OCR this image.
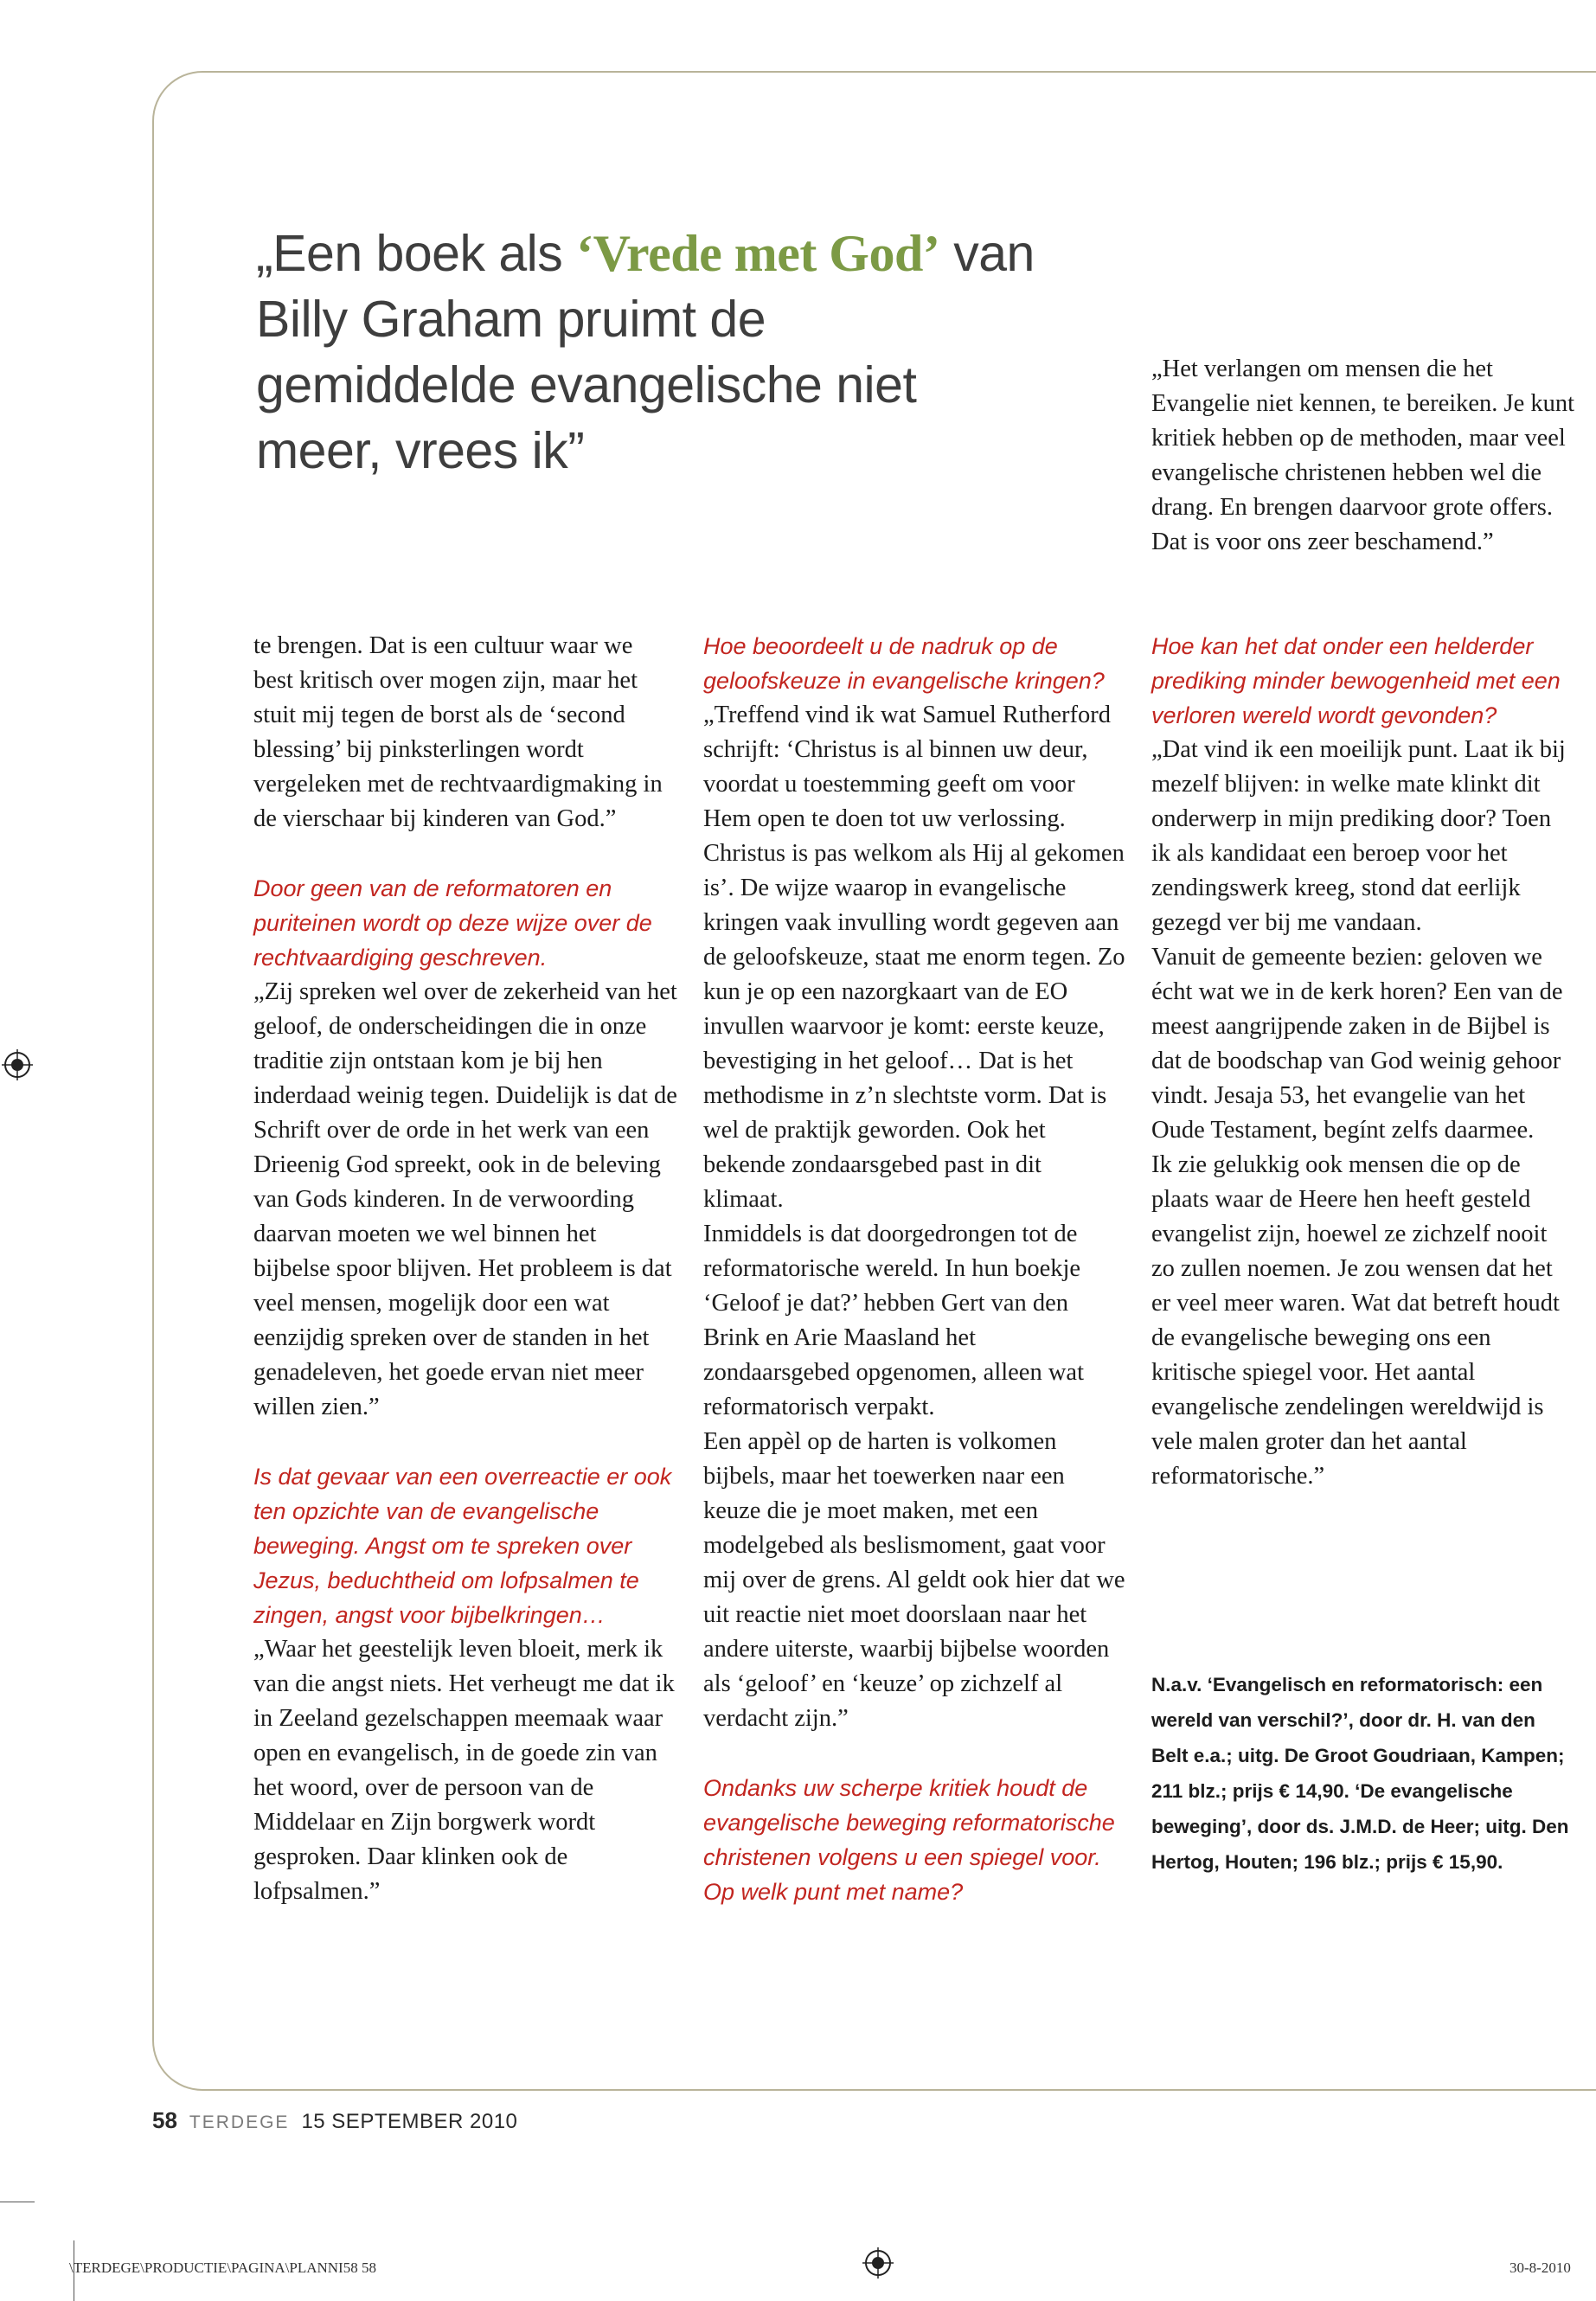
„Een boek als ‘Vrede met God’ van Billy Graham pruimt de gemiddelde evangelische niet meer, vrees ik”
„Het verlangen om mensen die het Evangelie niet kennen, te bereiken. Je kunt kritiek hebben op de methoden, maar veel evangelische christenen hebben wel die drang. En brengen daarvoor grote offers. Dat is voor ons zeer beschamend.”

te brengen. Dat is een cultuur waar we best kritisch over mogen zijn, maar het stuit mij tegen de borst als de ‘second blessing’ bij pinksterlingen wordt vergeleken met de rechtvaardigmaking in de vierschaar bij kinderen van God.”

Door geen van de reformatoren en puriteinen wordt op deze wijze over de rechtvaardiging geschreven.

„Zij spreken wel over de zekerheid van het geloof, de onderscheidingen die in onze traditie zijn ontstaan kom je bij hen inderdaad weinig tegen. Duidelijk is dat de Schrift over de orde in het werk van een Drieenig God spreekt, ook in de beleving van Gods kinderen. In de verwoording daarvan moeten we wel binnen het bijbelse spoor blijven. Het probleem is dat veel mensen, mogelijk door een wat eenzijdig spreken over de standen in het genadeleven, het goede ervan niet meer willen zien.”

Is dat gevaar van een overreactie er ook ten opzichte van de evangelische beweging. Angst om te spreken over Jezus, beduchtheid om lofpsalmen te zingen, angst voor bijbelkringen…

„Waar het geestelijk leven bloeit, merk ik van die angst niets. Het verheugt me dat ik in Zeeland gezelschappen meemaak waar open en evangelisch, in de goede zin van het woord, over de persoon van de Middelaar en Zijn borgwerk wordt gesproken. Daar klinken ook de lofpsalmen.”

Hoe beoordeelt u de nadruk op de geloofskeuze in evangelische kringen?

„Treffend vind ik wat Samuel Rutherford schrijft: ‘Christus is al binnen uw deur, voordat u toestemming geeft om voor Hem open te doen tot uw verlossing. Christus is pas welkom als Hij al gekomen is’. De wijze waarop in evangelische kringen vaak invulling wordt gegeven aan de geloofskeuze, staat me enorm tegen. Zo kun je op een nazorgkaart van de EO invullen waarvoor je komt: eerste keuze, bevestiging in het geloof… Dat is het methodisme in z’n slechtste vorm. Dat is wel de praktijk geworden. Ook het bekende zondaarsgebed past in dit klimaat.

Inmiddels is dat doorgedrongen tot de reformatorische wereld. In hun boekje ‘Geloof je dat?’ hebben Gert van den Brink en Arie Maasland het zondaarsgebed opgenomen, alleen wat reformatorisch verpakt.

Een appèl op de harten is volkomen bijbels, maar het toewerken naar een keuze die je moet maken, met een modelgebed als beslismoment, gaat voor mij over de grens. Al geldt ook hier dat we uit reactie niet moet doorslaan naar het andere uiterste, waarbij bijbelse woorden als ‘geloof’ en ‘keuze’ op zichzelf al verdacht zijn.”

Ondanks uw scherpe kritiek houdt de evangelische beweging reformatorische christenen volgens u een spiegel voor. Op welk punt met name?

Hoe kan het dat onder een helderder prediking minder bewogenheid met een verloren wereld wordt gevonden?

„Dat vind ik een moeilijk punt. Laat ik bij mezelf blijven: in welke mate klinkt dit onderwerp in mijn prediking door? Toen ik als kandidaat een beroep voor het zendingswerk kreeg, stond dat eerlijk gezegd ver bij me vandaan.

Vanuit de gemeente bezien: geloven we écht wat we in de kerk horen? Een van de meest aangrijpende zaken in de Bijbel is dat de boodschap van God weinig gehoor vindt. Jesaja 53, het evangelie van het Oude Testament, begínt zelfs daarmee.

Ik zie gelukkig ook mensen die op de plaats waar de Heere hen heeft gesteld evangelist zijn, hoewel ze zichzelf nooit zo zullen noemen. Je zou wensen dat het er veel meer waren. Wat dat betreft houdt de evangelische beweging ons een kritische spiegel voor. Het aantal evangelische zendelingen wereldwijd is vele malen groter dan het aantal reformatorische.”

N.a.v. ‘Evangelisch en reformatorisch: een wereld van verschil?’, door dr. H. van den Belt e.a.; uitg. De Groot Goudriaan, Kampen; 211 blz.; prijs € 14,90. ‘De evangelische beweging’, door ds. J.M.D. de Heer; uitg. Den Hertog, Houten; 196 blz.; prijs € 15,90.

58 TERDEGE 15 SEPTEMBER 2010
\TERDEGE\PRODUCTIE\PAGINA\PLANNI58 58	30-8-2010
